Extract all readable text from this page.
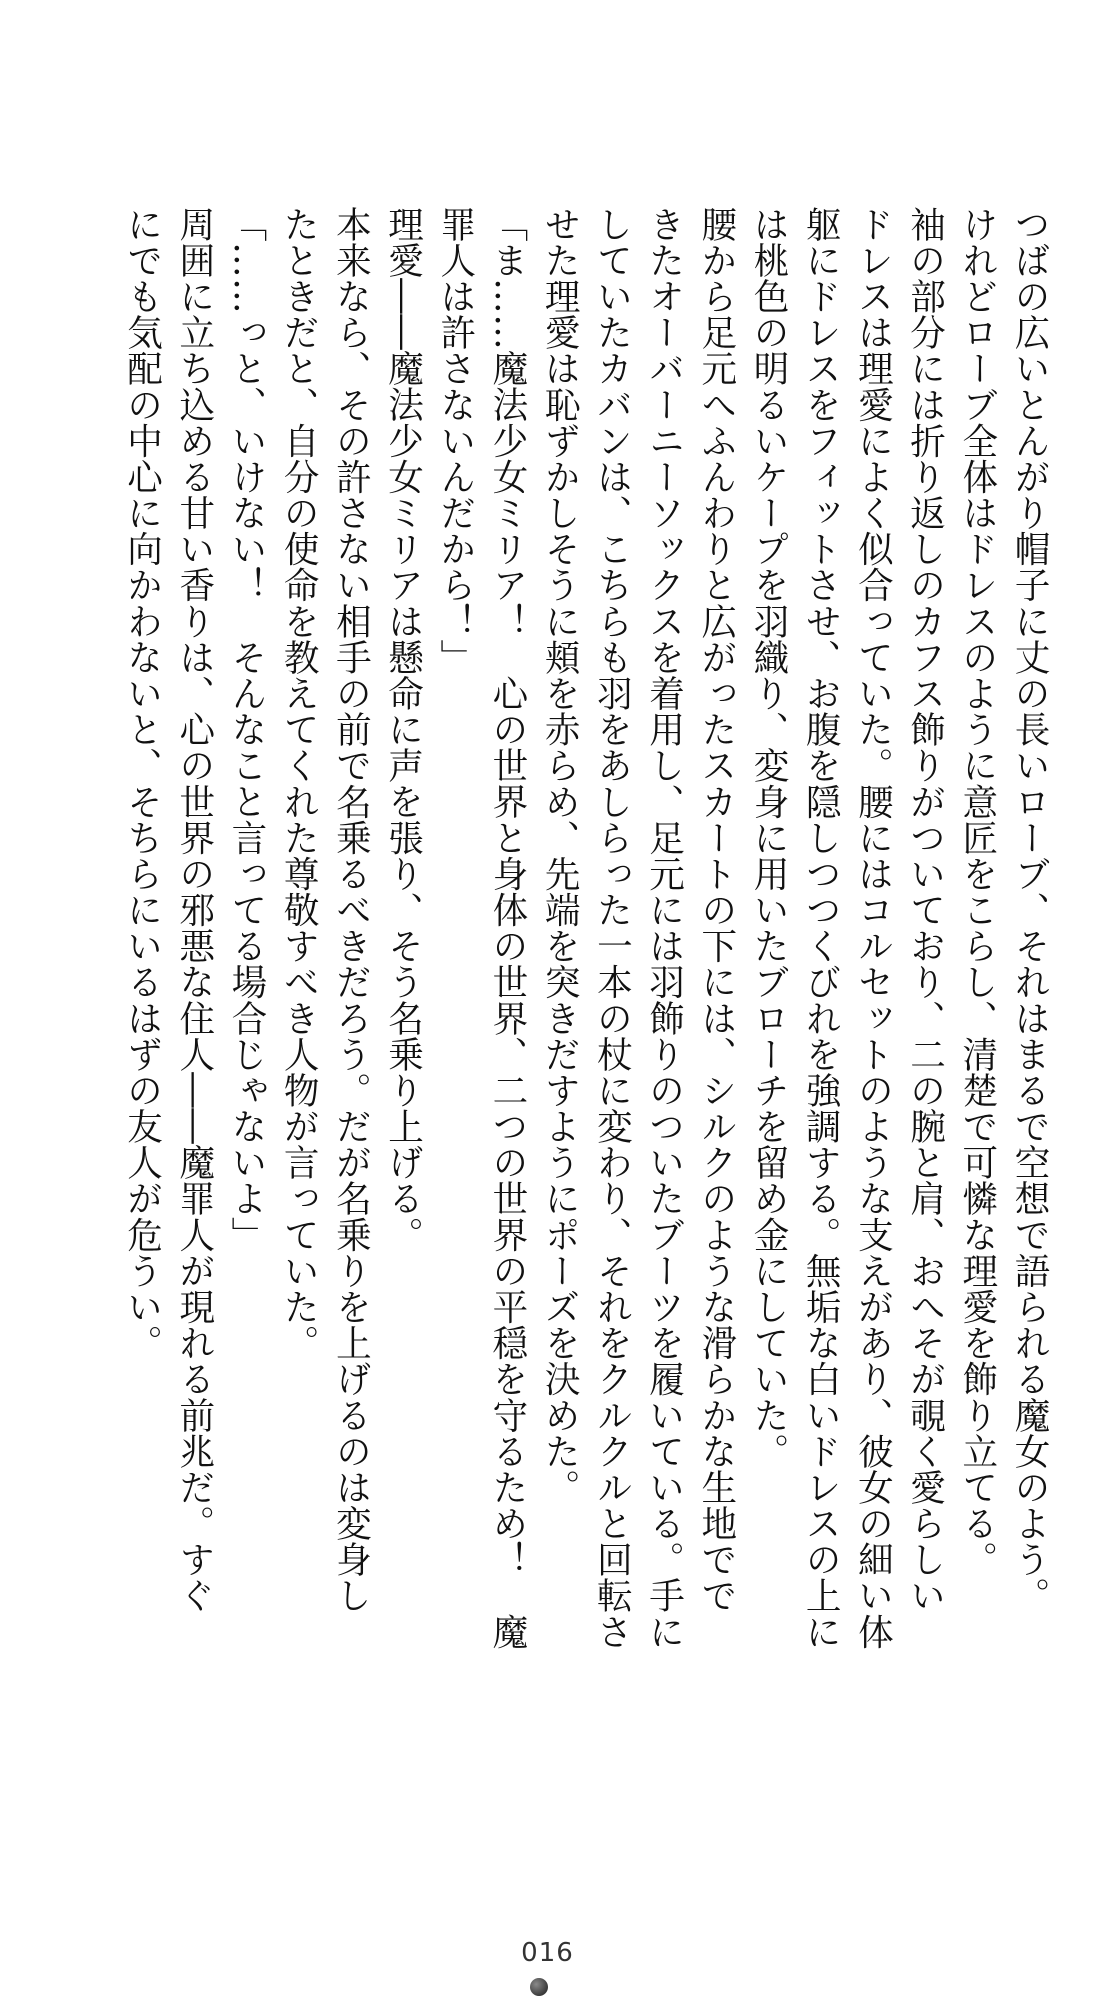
つばの広いとんがり帽子に丈の長いローブ、それはまるで空想で語られる魔女のよう。
けれどローブ全体はドレスのように意匠をこらし、清楚で可憐な理愛を飾り立てる。
袖の部分には折り返しのカフス飾りがついており、二の腕と肩、おへそが覗く愛らしい
ドレスは理愛によく似合っていた。腰にはコルセットのような支えがあり、彼女の細い体
躯にドレスをフィットさせ、お腹を隠しつつくびれを強調する。無垢な白いドレスの上に
は桃色の明るいケープを羽織り、変身に用いたブローチを留め金にしていた。
腰から足元へふんわりと広がったスカートの下には、シルクのような滑らかな生地でで
きたオーバーニーソックスを着用し、足元には羽飾りのついたブーツを履いている。手に
していたカバンは、こちらも羽をあしらった一本の杖に変わり、それをクルクルと回転さ
せた理愛は恥ずかしそうに頬を赤らめ、先端を突きだすようにポーズを決めた。
「ま……魔法少女ミリア！　心の世界と身体の世界、二つの世界の平穏を守るため！　魔
罪人は許さないんだから！」
理愛――魔法少女ミリアは懸命に声を張り、そう名乗り上げる。
本来なら、その許さない相手の前で名乗るべきだろう。だが名乗りを上げるのは変身し
たときだと、自分の使命を教えてくれた尊敬すべき人物が言っていた。
「……っと、いけない！　そんなこと言ってる場合じゃないよ」
周囲に立ち込める甘い香りは、心の世界の邪悪な住人――魔罪人が現れる前兆だ。すぐ
にでも気配の中心に向かわないと、そちらにいるはずの友人が危うい。
016
